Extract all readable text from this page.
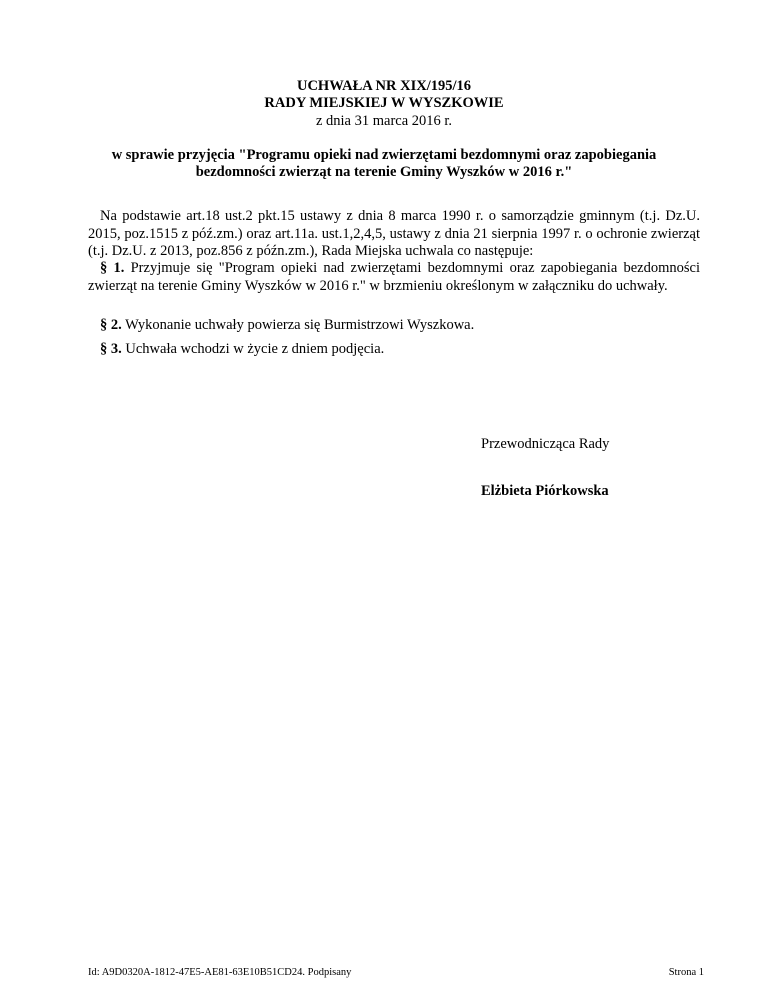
UCHWAŁA NR XIX/195/16
RADY MIEJSKIEJ W WYSZKOWIE
z dnia 31 marca 2016 r.
w sprawie przyjęcia "Programu opieki nad zwierzętami bezdomnymi oraz zapobiegania
bezdomności zwierząt na terenie Gminy Wyszków w 2016 r."
Na podstawie art.18 ust.2 pkt.15 ustawy z dnia 8 marca 1990 r. o samorządzie gminnym (t.j. Dz.U. 2015, poz.1515 z póź.zm.) oraz art.11a. ust.1,2,4,5, ustawy z dnia 21 sierpnia 1997 r. o ochronie zwierząt (t.j. Dz.U. z 2013, poz.856 z późn.zm.), Rada Miejska uchwala co następuje:
§ 1. Przyjmuje się "Program opieki nad zwierzętami bezdomnymi oraz zapobiegania bezdomności zwierząt na terenie Gminy Wyszków w 2016 r." w brzmieniu określonym w załączniku do uchwały.
§ 2. Wykonanie uchwały powierza się Burmistrzowi Wyszkowa.
§ 3. Uchwała wchodzi w życie z dniem podjęcia.
Przewodnicząca Rady
Elżbieta Piórkowska
Id: A9D0320A-1812-47E5-AE81-63E10B51CD24. Podpisany	Strona 1
